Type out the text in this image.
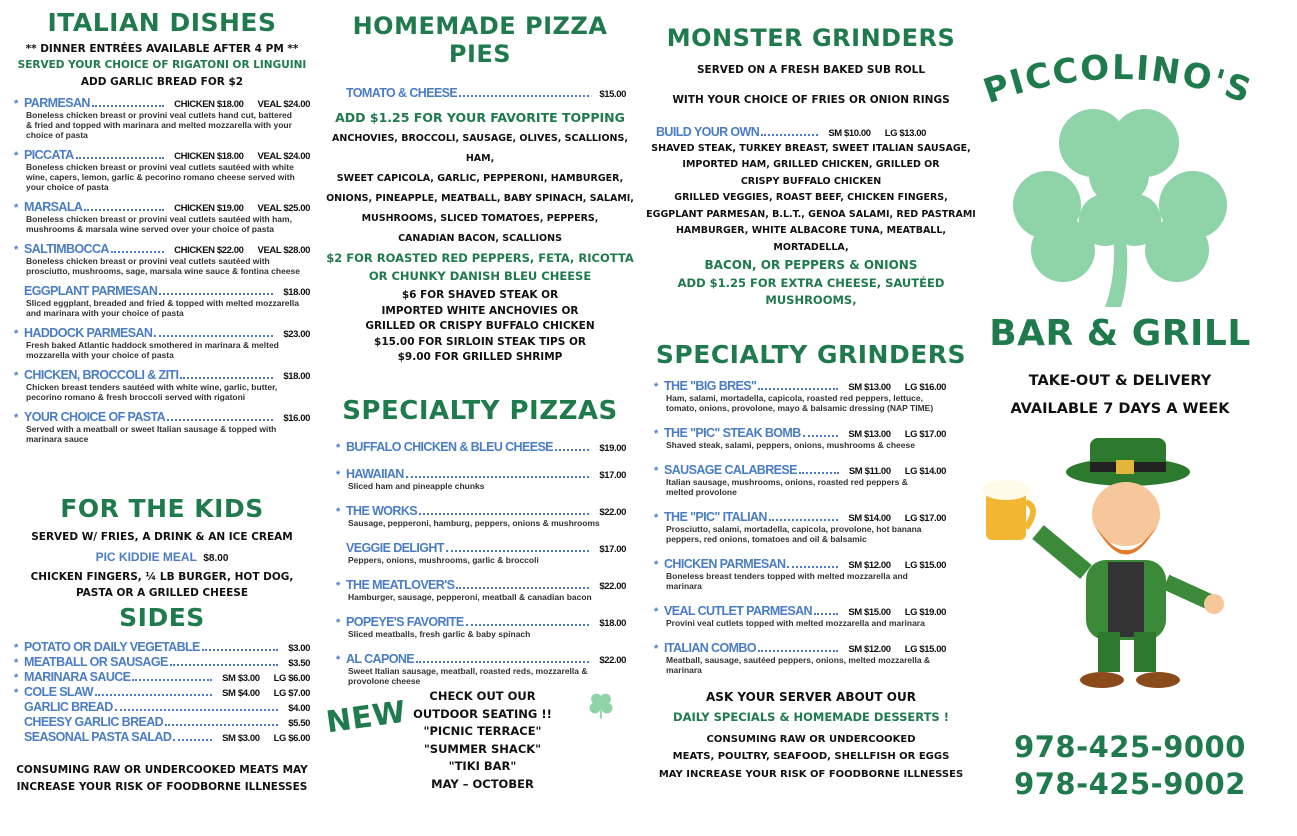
ITALIAN DISHES
** DINNER ENTRÉES AVAILABLE AFTER 4 PM **
SERVED YOUR CHOICE OF RIGATONI OR LINGUINI
ADD GARLIC BREAD FOR $2
* PARMESAN	CHICKEN $18.00 VEAL $24.00
Boneless chicken breast or provini veal cutlets hand cut, battered & fried and topped with marinara and melted mozzarella with your choice of pasta
* PICCATA	CHICKEN $18.00 VEAL $24.00
Boneless chicken breast or provini veal cutlets sautéed with white wine, capers, lemon, garlic & pecorino romano cheese served with your choice of pasta
* MARSALA	CHICKEN $19.00 VEAL $25.00
Boneless chicken breast or provini veal cutlets sautéed with ham, mushrooms & marsala wine served over your choice of pasta
* SALTIMBOCCA	CHICKEN $22.00 VEAL $28.00
Boneless chicken breast or provini veal cutlets sautéed with prosciutto, mushrooms, sage, marsala wine sauce & fontina cheese
EGGPLANT PARMESAN	$18.00
Sliced eggplant, breaded and fried & topped with melted mozzarella and marinara with your choice of pasta
* HADDOCK PARMESAN	$23.00
Fresh baked Atlantic haddock smothered in marinara & melted mozzarella with your choice of pasta
* CHICKEN, BROCCOLI & ZITI	$18.00
Chicken breast tenders sautéed with white wine, garlic, butter, pecorino romano & fresh broccoli served with rigatoni
* YOUR CHOICE OF PASTA	$16.00
Served with a meatball or sweet Italian sausage & topped with marinara sauce
FOR THE KIDS
SERVED W/ FRIES, A DRINK & AN ICE CREAM
PIC KIDDIE MEAL $8.00
CHICKEN FINGERS, ¼ LB BURGER, HOT DOG,
PASTA OR A GRILLED CHEESE
SIDES
* POTATO OR DAILY VEGETABLE	$3.00
* MEATBALL OR SAUSAGE	$3.50
* MARINARA SAUCE	SM $3.00 LG $6.00
* COLE SLAW	SM $4.00 LG $7.00
GARLIC BREAD	$4.00
CHEESY GARLIC BREAD	$5.50
SEASONAL PASTA SALAD	SM $3.00 LG $6.00
CONSUMING RAW OR UNDERCOOKED MEATS MAY
INCREASE YOUR RISK OF FOODBORNE ILLNESSES
HOMEMADE PIZZA PIES
TOMATO & CHEESE	$15.00
ADD $1.25 FOR YOUR FAVORITE TOPPING
ANCHOVIES, BROCCOLI, SAUSAGE, OLIVES, SCALLIONS, HAM,
SWEET CAPICOLA, GARLIC, PEPPERONI, HAMBURGER,
ONIONS, PINEAPPLE, MEATBALL, BABY SPINACH, SALAMI,
MUSHROOMS, SLICED TOMATOES, PEPPERS,
CANADIAN BACON, SCALLIONS
$2 FOR ROASTED RED PEPPERS, FETA, RICOTTA
OR CHUNKY DANISH BLEU CHEESE
$6 FOR SHAVED STEAK OR
IMPORTED WHITE ANCHOVIES OR
GRILLED OR CRISPY BUFFALO CHICKEN
$15.00 FOR SIRLOIN STEAK TIPS OR
$9.00 FOR GRILLED SHRIMP
SPECIALTY PIZZAS
* BUFFALO CHICKEN & BLEU CHEESE	$19.00
* HAWAIIAN	$17.00
Sliced ham and pineapple chunks
* THE WORKS	$22.00
Sausage, pepperoni, hamburg, peppers, onions & mushrooms
VEGGIE DELIGHT	$17.00
Peppers, onions, mushrooms, garlic & broccoli
* THE MEATLOVER'S	$22.00
Hamburger, sausage, pepperoni, meatball & canadian bacon
* POPEYE'S FAVORITE	$18.00
Sliced meatballs, fresh garlic & baby spinach
* AL CAPONE	$22.00
Sweet Italian sausage, meatball, roasted reds, mozzarella & provolone cheese
NEW	CHECK OUT OUR
OUTDOOR SEATING !!
"PICNIC TERRACE"
"SUMMER SHACK"
"TIKI BAR"
MAY – OCTOBER
MONSTER GRINDERS
SERVED ON A FRESH BAKED SUB ROLL
WITH YOUR CHOICE OF FRIES OR ONION RINGS
BUILD YOUR OWN	SM $10.00 LG $13.00
SHAVED STEAK, TURKEY BREAST, SWEET ITALIAN SAUSAGE,
IMPORTED HAM, GRILLED CHICKEN, GRILLED OR
CRISPY BUFFALO CHICKEN
GRILLED VEGGIES, ROAST BEEF, CHICKEN FINGERS,
EGGPLANT PARMESAN, B.L.T., GENOA SALAMI, RED PASTRAMI
HAMBURGER, WHITE ALBACORE TUNA, MEATBALL, MORTADELLA,
BACON, OR PEPPERS & ONIONS
ADD $1.25 FOR EXTRA CHEESE, SAUTÉED MUSHROOMS,
SPECIALTY GRINDERS
* THE "BIG BRES"	SM $13.00 LG $16.00
Ham, salami, mortadella, capicola, roasted red peppers, lettuce, tomato, onions, provolone, mayo & balsamic dressing (NAP TIME)
* THE "PIC" STEAK BOMB	SM $13.00 LG $17.00
Shaved steak, salami, peppers, onions, mushrooms & cheese
* SAUSAGE CALABRESE	SM $11.00 LG $14.00
Italian sausage, mushrooms, onions, roasted red peppers & melted provolone
* THE "PIC" ITALIAN	SM $14.00 LG $17.00
Prosciutto, salami, mortadella, capicola, provolone, hot banana peppers, red onions, tomatoes and oil & balsamic
* CHICKEN PARMESAN	SM $12.00 LG $15.00
Boneless breast tenders topped with melted mozzarella and marinara
* VEAL CUTLET PARMESAN	SM $15.00 LG $19.00
Provini veal cutlets topped with melted mozzarella and marinara
* ITALIAN COMBO	SM $12.00 LG $15.00
Meatball, sausage, sautéed peppers, onions, melted mozzarella & marinara
ASK YOUR SERVER ABOUT OUR
DAILY SPECIALS & HOMEMADE DESSERTS !
CONSUMING RAW OR UNDERCOOKED
MEATS, POULTRY, SEAFOOD, SHELLFISH OR EGGS
MAY INCREASE YOUR RISK OF FOODBORNE ILLNESSES
PICCOLINO'S
BAR & GRILL
TAKE-OUT & DELIVERY
AVAILABLE 7 DAYS A WEEK
978-425-9000
978-425-9002
